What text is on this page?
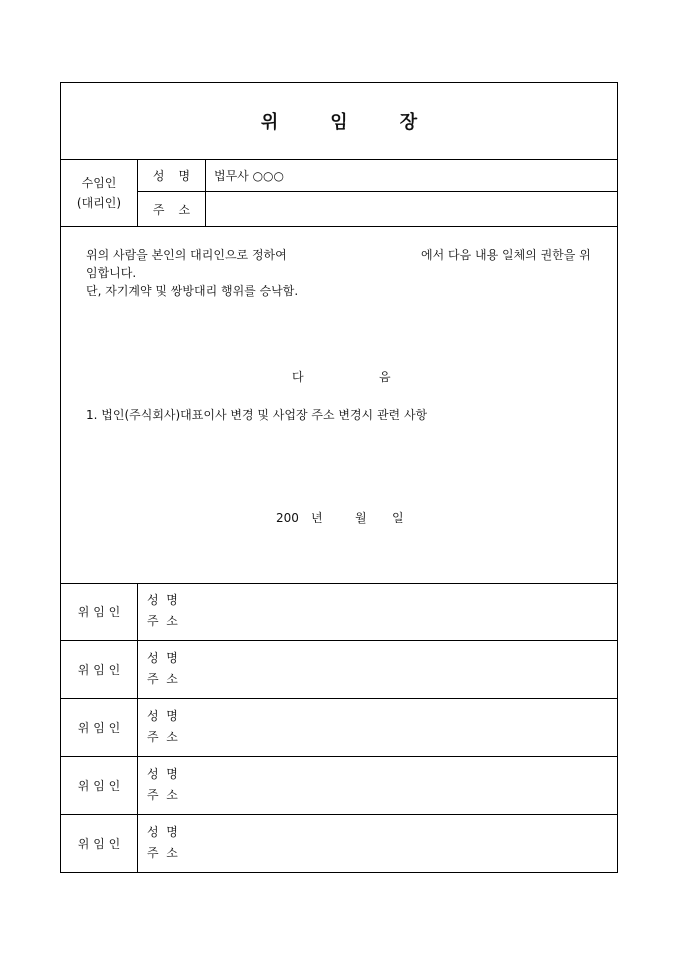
위	임	장
수임인
(대리인)
성 명	법무사 ○○○
주 소
위의 사람을 본인의 대리인으로 정하여	에서 다음 내용 일체의 권한을 위
임합니다.
단, 자기계약 및 쌍방대리 행위를 승낙함.
다	음
1. 법인(주식회사)대표이사 변경 및 사업장 주소 변경시 관련 사항
200 년	월 일
위 임 인
성  명
주  소
위 임 인
성  명
주  소
위 임 인
성  명
주  소
위 임 인
성  명
주  소
위 임 인
성  명
주  소
